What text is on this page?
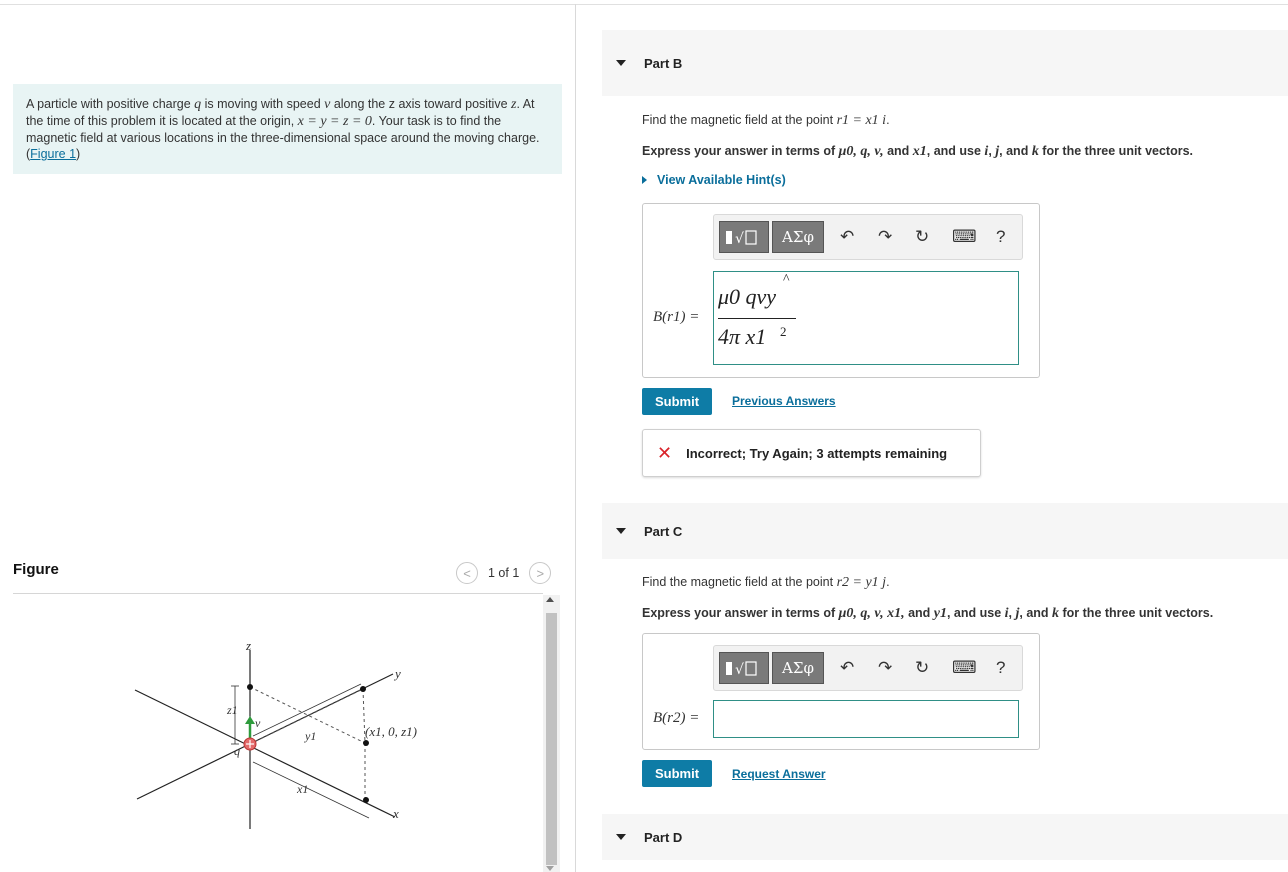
A particle with positive charge q is moving with speed v along the z axis toward positive z. At the time of this problem it is located at the origin, x = y = z = 0. Your task is to find the magnetic field at various locations in the three-dimensional space around the moving charge. (Figure 1)
Figure	<	1 of 1	>
z
y
x
z1
y1
x1
q
v
(x1, 0, z1)
Part B
Find the magnetic field at the point r1 = x1 i.
Express your answer in terms of μ0, q, v, and x1, and use i, j, and k for the three unit vectors.
View Available Hint(s)
√	ΑΣφ	↶ ↷ ↻ ⌨ ?
B(r1) =
μ0 qvy
^
4π x1 2
Submit	Previous Answers
✕ Incorrect; Try Again; 3 attempts remaining
Part C
Find the magnetic field at the point r2 = y1 j.
Express your answer in terms of μ0, q, v, x1, and y1, and use i, j, and k for the three unit vectors.
√	ΑΣφ	↶ ↷ ↻ ⌨ ?
B(r2) =
Submit	Request Answer
Part D
